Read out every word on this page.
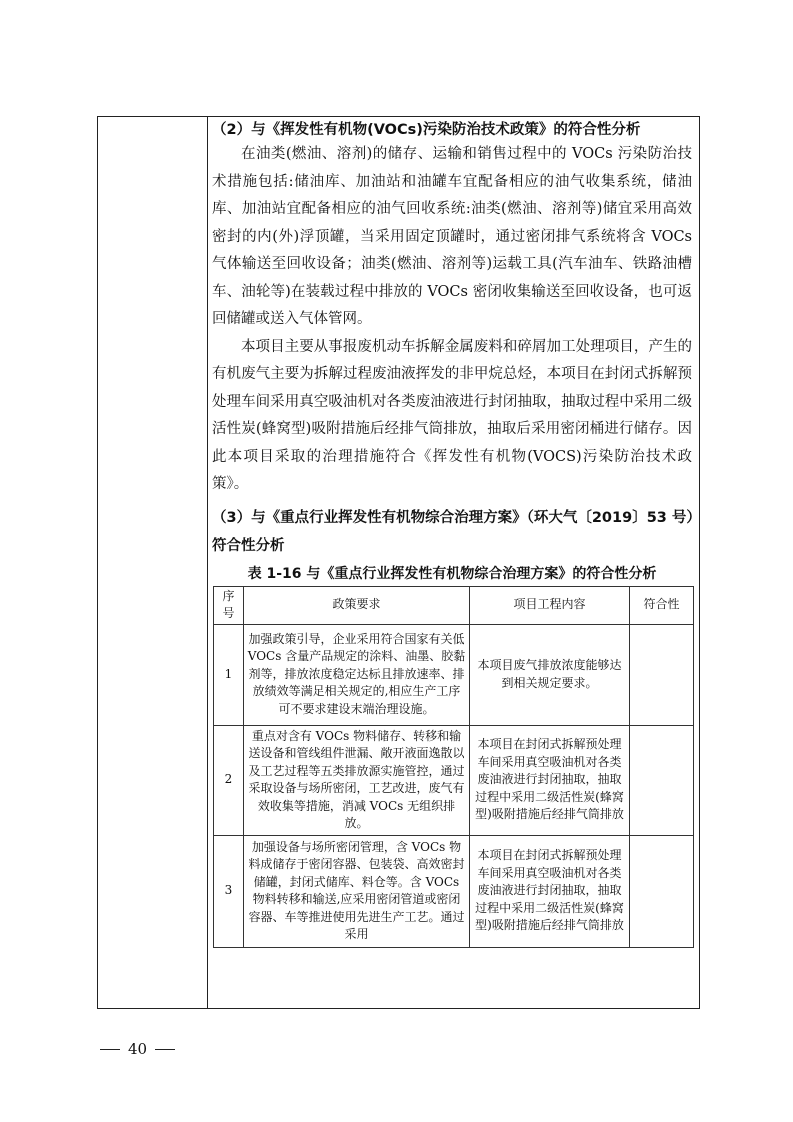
（2）与《挥发性有机物(VOCs)污染防治技术政策》的符合性分析

在油类(燃油、溶剂)的储存、运输和销售过程中的 VOCs 污染防治技术措施包括:储油库、加油站和油罐车宜配备相应的油气收集系统，储油库、加油站宜配备相应的油气回收系统:油类(燃油、溶剂等)储宜采用高效密封的内(外)浮顶罐，当采用固定顶罐时，通过密闭排气系统将含 VOCs 气体输送至回收设备；油类(燃油、溶剂等)运载工具(汽车油车、铁路油槽车、油轮等)在装载过程中排放的 VOCs 密闭收集输送至回收设备，也可返回储罐或送入气体管网。

本项目主要从事报废机动车拆解金属废料和碎屑加工处理项目，产生的有机废气主要为拆解过程废油液挥发的非甲烷总烃，本项目在封闭式拆解预处理车间采用真空吸油机对各类废油液进行封闭抽取，抽取过程中采用二级活性炭(蜂窝型)吸附措施后经排气筒排放，抽取后采用密闭桶进行储存。因此本项目采取的治理措施符合《挥发性有机物(VOCS)污染防治技术政策》。

（3）与《重点行业挥发性有机物综合治理方案》（环大气〔2019〕53 号）符合性分析

表 1-16 与《重点行业挥发性有机物综合治理方案》的符合性分析

序号	政策要求	项目工程内容	符合性
1	加强政策引导，企业采用符合国家有关低 VOCs 含量产品规定的涂料、油墨、胶黏剂等，排放浓度稳定达标且排放速率、排放绩效等满足相关规定的,相应生产工序可不要求建设末端治理设施。	本项目废气排放浓度能够达到相关规定要求。	
2	重点对含有 VOCs 物料储存、转移和输送设备和管线组件泄漏、敞开液面逸散以及工艺过程等五类排放源实施管控，通过采取设备与场所密闭，工艺改进，废气有效收集等措施，消减 VOCs 无组织排放。	本项目在封闭式拆解预处理车间采用真空吸油机对各类废油液进行封闭抽取，抽取过程中采用二级活性炭(蜂窝型)吸附措施后经排气筒排放	
3	加强设备与场所密闭管理，含 VOCs 物料成储存于密闭容器、包装袋、高效密封储罐，封闭式储库、料仓等。含 VOCs 物料转移和输送,应采用密闭管道或密闭容器、车等推进使用先进生产工艺。通过采用	本项目在封闭式拆解预处理车间采用真空吸油机对各类废油液进行封闭抽取，抽取过程中采用二级活性炭(蜂窝型)吸附措施后经排气筒排放	
40
